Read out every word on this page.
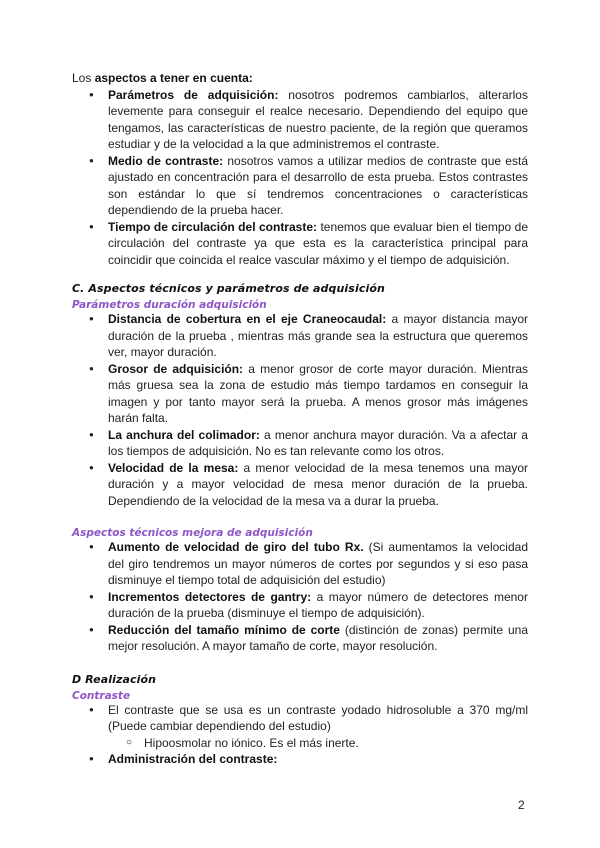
Los aspectos a tener en cuenta:

● Parámetros de adquisición: nosotros podremos cambiarlos, alterarlos levemente para conseguir el realce necesario. Dependiendo del equipo que tengamos, las características de nuestro paciente, de la región que queramos estudiar y de la velocidad a la que administremos el contraste.
● Medio de contraste: nosotros vamos a utilizar medios de contraste que está ajustado en concentración para el desarrollo de esta prueba. Estos contrastes son estándar lo que sí tendremos concentraciones o características dependiendo de la prueba hacer.
● Tiempo de circulación del contraste: tenemos que evaluar bien el tiempo de circulación del contraste ya que esta es la característica principal para coincidir que coincida el realce vascular máximo y el tiempo de adquisición.

C. Aspectos técnicos y parámetros de adquisición

Parámetros duración adquisición

● Distancia de cobertura en el eje Craneocaudal: a mayor distancia mayor duración de la prueba , mientras más grande sea la estructura que queremos ver, mayor duración.
● Grosor de adquisición: a menor grosor de corte mayor duración. Mientras más gruesa sea la zona de estudio más tiempo tardamos en conseguir la imagen y por tanto mayor será la prueba. A menos grosor más imágenes harán falta.
● La anchura del colimador: a menor anchura mayor duración. Va a afectar a los tiempos de adquisición. No es tan relevante como los otros.
● Velocidad de la mesa: a menor velocidad de la mesa tenemos una mayor duración y a mayor velocidad de mesa menor duración de la prueba. Dependiendo de la velocidad de la mesa va a durar la prueba.

Aspectos técnicos mejora de adquisición

● Aumento de velocidad de giro del tubo Rx. (Si aumentamos la velocidad del giro tendremos un mayor números de cortes por segundos y si eso pasa disminuye el tiempo total de adquisición del estudio)
● Incrementos detectores de gantry: a mayor número de detectores menor duración de la prueba (disminuye el tiempo de adquisición).
● Reducción del tamaño mínimo de corte (distinción de zonas) permite una mejor resolución. A mayor tamaño de corte, mayor resolución.

D Realización

Contraste

● El contraste que se usa es un contraste yodado hidrosoluble a 370 mg/ml (Puede cambiar dependiendo del estudio)
○ Hipoosmolar no iónico. Es el más inerte.
● Administración del contraste:
2
